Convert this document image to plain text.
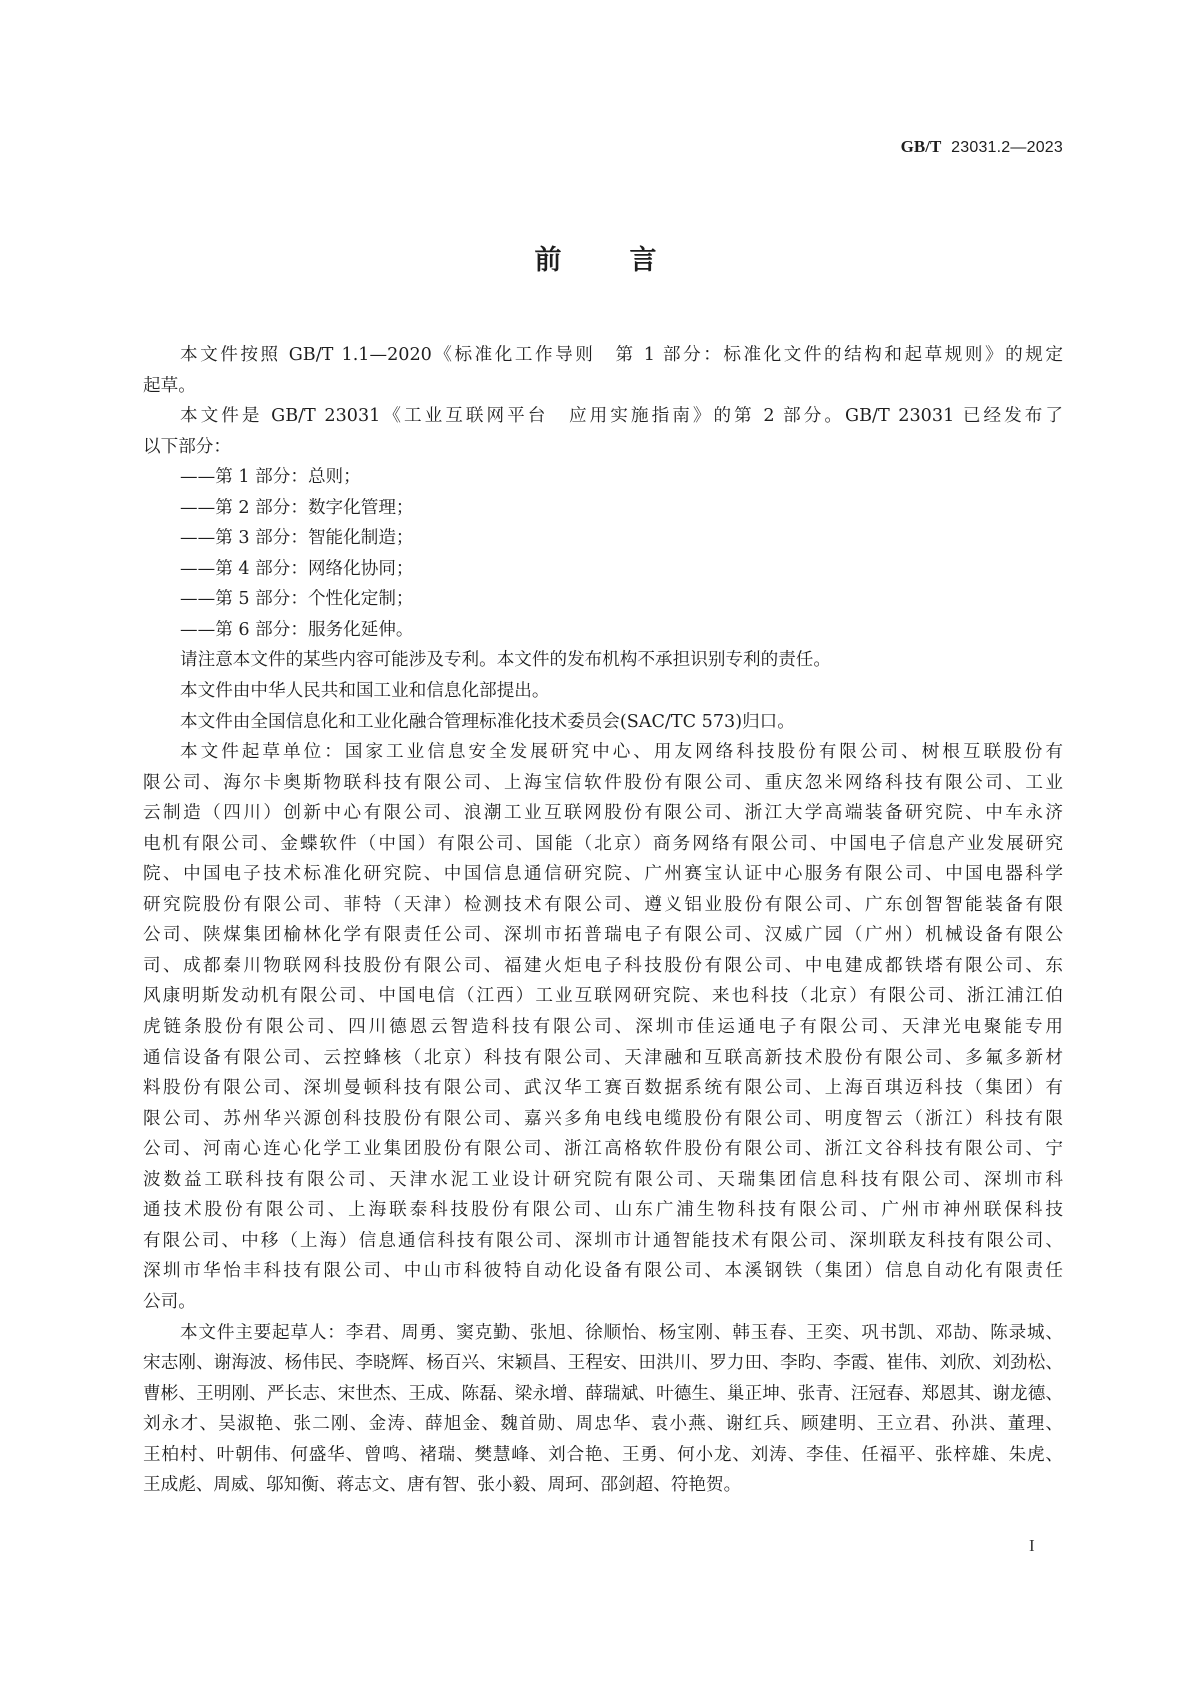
GB/T 23031.2—2023
前	言
本文件按照 GB/T 1.1—2020《标准化工作导则　第 1 部分：标准化文件的结构和起草规则》的规定
起草。
本文件是 GB/T 23031《工业互联网平台　应用实施指南》的第 2 部分。GB/T 23031 已经发布了
以下部分：
——第 1 部分：总则；
——第 2 部分：数字化管理；
——第 3 部分：智能化制造；
——第 4 部分：网络化协同；
——第 5 部分：个性化定制；
——第 6 部分：服务化延伸。
请注意本文件的某些内容可能涉及专利。本文件的发布机构不承担识别专利的责任。
本文件由中华人民共和国工业和信息化部提出。
本文件由全国信息化和工业化融合管理标准化技术委员会(SAC/TC 573)归口。
本文件起草单位：国家工业信息安全发展研究中心、用友网络科技股份有限公司、树根互联股份有
限公司、海尔卡奥斯物联科技有限公司、上海宝信软件股份有限公司、重庆忽米网络科技有限公司、工业
云制造（四川）创新中心有限公司、浪潮工业互联网股份有限公司、浙江大学高端装备研究院、中车永济
电机有限公司、金蝶软件（中国）有限公司、国能（北京）商务网络有限公司、中国电子信息产业发展研究
院、中国电子技术标准化研究院、中国信息通信研究院、广州赛宝认证中心服务有限公司、中国电器科学
研究院股份有限公司、菲特（天津）检测技术有限公司、遵义铝业股份有限公司、广东创智智能装备有限
公司、陕煤集团榆林化学有限责任公司、深圳市拓普瑞电子有限公司、汉威广园（广州）机械设备有限公
司、成都秦川物联网科技股份有限公司、福建火炬电子科技股份有限公司、中电建成都铁塔有限公司、东
风康明斯发动机有限公司、中国电信（江西）工业互联网研究院、来也科技（北京）有限公司、浙江浦江伯
虎链条股份有限公司、四川德恩云智造科技有限公司、深圳市佳运通电子有限公司、天津光电聚能专用
通信设备有限公司、云控蜂核（北京）科技有限公司、天津融和互联高新技术股份有限公司、多氟多新材
料股份有限公司、深圳曼顿科技有限公司、武汉华工赛百数据系统有限公司、上海百琪迈科技（集团）有
限公司、苏州华兴源创科技股份有限公司、嘉兴多角电线电缆股份有限公司、明度智云（浙江）科技有限
公司、河南心连心化学工业集团股份有限公司、浙江高格软件股份有限公司、浙江文谷科技有限公司、宁
波数益工联科技有限公司、天津水泥工业设计研究院有限公司、天瑞集团信息科技有限公司、深圳市科
通技术股份有限公司、上海联泰科技股份有限公司、山东广浦生物科技有限公司、广州市神州联保科技
有限公司、中移（上海）信息通信科技有限公司、深圳市计通智能技术有限公司、深圳联友科技有限公司、
深圳市华怡丰科技有限公司、中山市科彼特自动化设备有限公司、本溪钢铁（集团）信息自动化有限责任
公司。
本文件主要起草人：李君、周勇、窦克勤、张旭、徐顺怡、杨宝刚、韩玉春、王奕、巩书凯、邓劼、陈录城、
宋志刚、谢海波、杨伟民、李晓辉、杨百兴、宋颖昌、王程安、田洪川、罗力田、李昀、李霞、崔伟、刘欣、刘劲松、
曹彬、王明刚、严长志、宋世杰、王成、陈磊、梁永增、薛瑞斌、叶德生、巢正坤、张青、汪冠春、郑恩其、谢龙德、
刘永才、吴淑艳、张二刚、金涛、薛旭金、魏首勋、周忠华、袁小燕、谢红兵、顾建明、王立君、孙洪、董理、
王柏村、叶朝伟、何盛华、曾鸣、褚瑞、樊慧峰、刘合艳、王勇、何小龙、刘涛、李佳、任福平、张梓雄、朱虎、
王成彪、周威、邬知衡、蒋志文、唐有智、张小毅、周珂、邵剑超、符艳贺。
I
